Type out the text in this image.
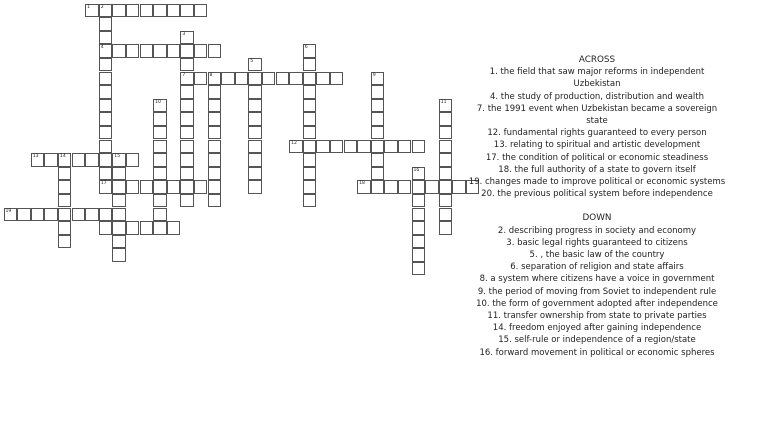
1 2
4
3
7
6
5
8	9
10	11
12
13	14	15
16
17	18
19
ACROSS
1. the field that saw major reforms in independent Uzbekistan
4. the study of production, distribution and wealth
7. the 1991 event when Uzbekistan became a sovereign state
12. fundamental rights guaranteed to every person
13. relating to spiritual and artistic development
17. the condition of political or economic steadiness
18. the full authority of a state to govern itself
19. changes made to improve political or economic systems
20. the previous political system before independence
DOWN
2. describing progress in society and economy
3. basic legal rights guaranteed to citizens
5. , the basic law of the country
6. separation of religion and state affairs
8. a system where citizens have a voice in government
9. the period of moving from Soviet to independent rule
10. the form of government adopted after independence
11. transfer ownership from state to private parties
14. freedom enjoyed after gaining independence
15. self-rule or independence of a region/state
16. forward movement in political or economic spheres
